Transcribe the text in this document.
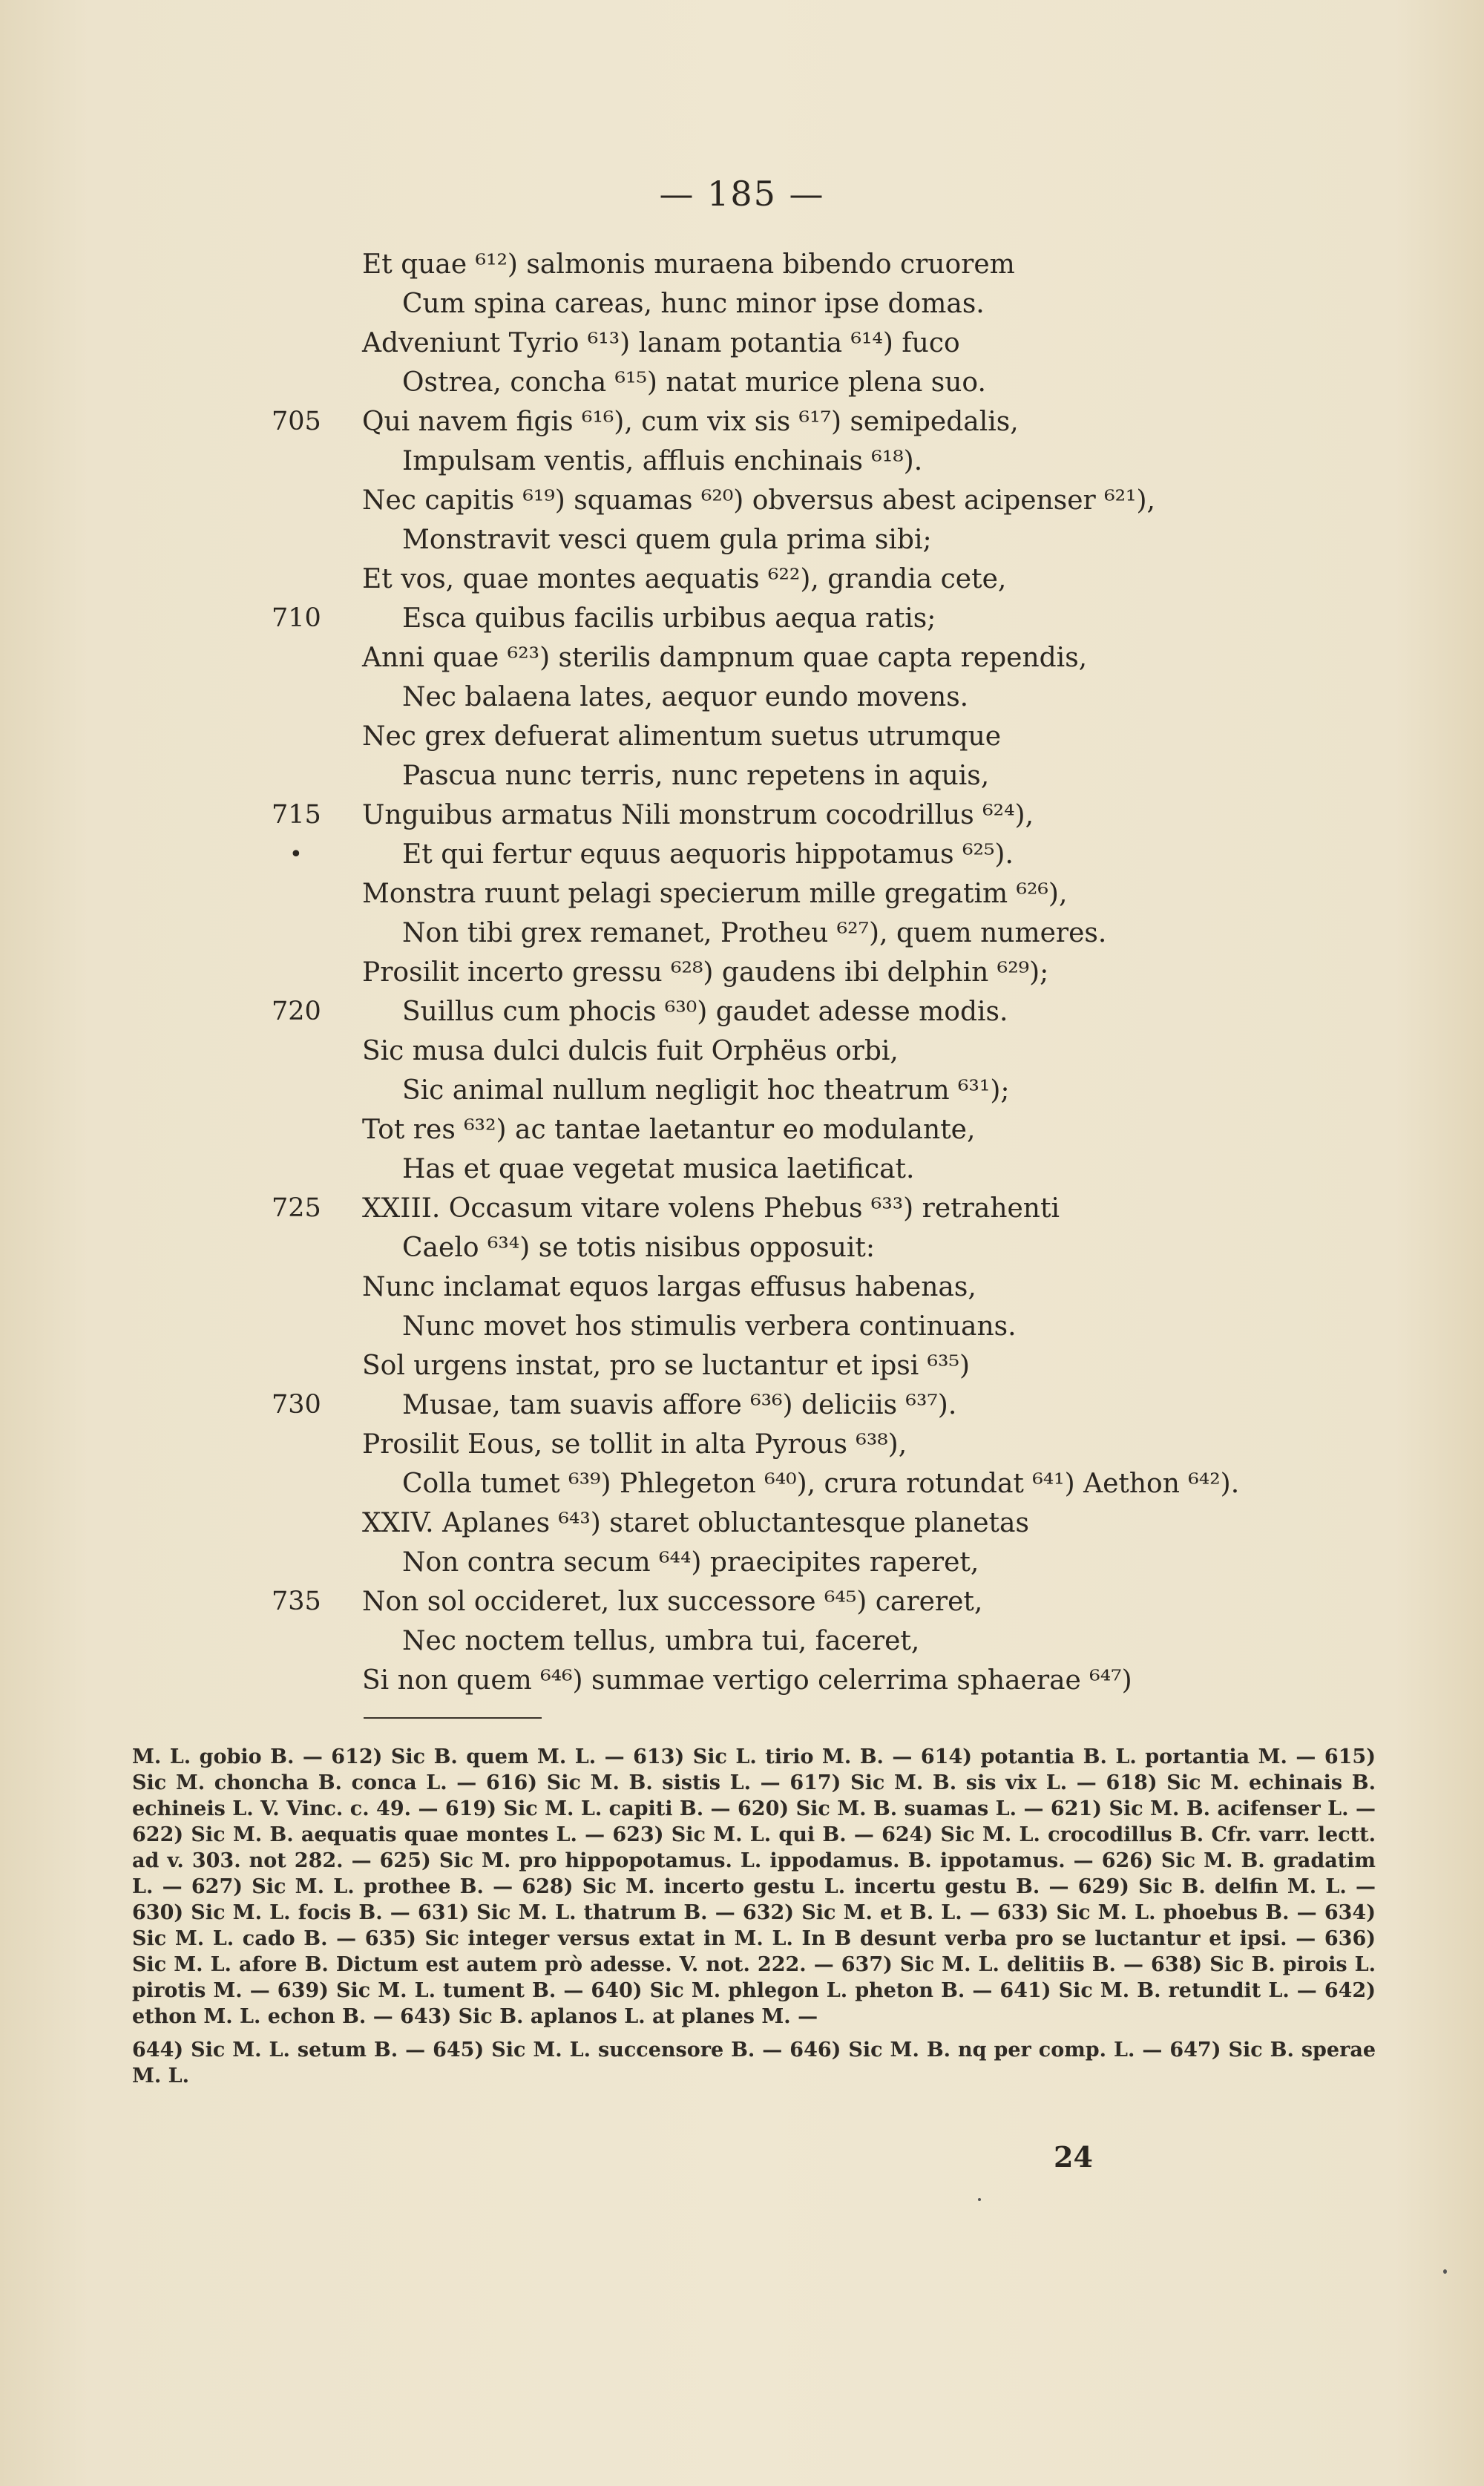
— 185 —
Et quae ⁶¹²) salmonis muraena bibendo cruorem
Cum spina careas, hunc minor ipse domas.
Adveniunt Tyrio ⁶¹³) lanam potantia ⁶¹⁴) fuco
Ostrea, concha ⁶¹⁵) natat murice plena suo.
705 Qui navem figis ⁶¹⁶), cum vix sis ⁶¹⁷) semipedalis,
Impulsam ventis, affluis enchinais ⁶¹⁸).
Nec capitis ⁶¹⁹) squamas ⁶²⁰) obversus abest acipenser ⁶²¹),
Monstravit vesci quem gula prima sibi;
Et vos, quae montes aequatis ⁶²²), grandia cete,
710	Esca quibus facilis urbibus aequa ratis;
Anni quae ⁶²³) sterilis dampnum quae capta rependis,
Nec balaena lates, aequor eundo movens.
Nec grex defuerat alimentum suetus utrumque
Pascua nunc terris, nunc repetens in aquis,
715 Unguibus armatus Nili monstrum cocodrillus ⁶²⁴),
•	Et qui fertur equus aequoris hippotamus ⁶²⁵).
Monstra ruunt pelagi specierum mille gregatim ⁶²⁶),
Non tibi grex remanet, Protheu ⁶²⁷), quem numeres.
Prosilit incerto gressu ⁶²⁸) gaudens ibi delphin ⁶²⁹);
720	Suillus cum phocis ⁶³⁰) gaudet adesse modis.
Sic musa dulci dulcis fuit Orphëus orbi,
Sic animal nullum negligit hoc theatrum ⁶³¹);
Tot res ⁶³²) ac tantae laetantur eo modulante,
Has et quae vegetat musica laetificat.
725 XXIII. Occasum vitare volens Phebus ⁶³³) retrahenti
Caelo ⁶³⁴) se totis nisibus opposuit:
Nunc inclamat equos largas effusus habenas,
Nunc movet hos stimulis verbera continuans.
Sol urgens instat, pro se luctantur et ipsi ⁶³⁵)
730	Musae, tam suavis affore ⁶³⁶) deliciis ⁶³⁷).
Prosilit Eous, se tollit in alta Pyrous ⁶³⁸),
Colla tumet ⁶³⁹) Phlegeton ⁶⁴⁰), crura rotundat ⁶⁴¹) Aethon ⁶⁴²).
XXIV. Aplanes ⁶⁴³) staret obluctantesque planetas
Non contra secum ⁶⁴⁴) praecipites raperet,
735 Non sol occideret, lux successore ⁶⁴⁵) careret,
Nec noctem tellus, umbra tui, faceret,
Si non quem ⁶⁴⁶) summae vertigo celerrima sphaerae ⁶⁴⁷)

M. L. gobio B. — 612) Sic B. quem M. L. — 613) Sic L. tirio M. B. — 614) potantia B. L. portantia M. — 615) Sic M. choncha B. conca L. — 616) Sic M. B. sistis L. — 617) Sic M. B. sis vix L. — 618) Sic M. echinais B. echineis L. V. Vinc. c. 49. — 619) Sic M. L. capiti B. — 620) Sic M. B. suamas L. — 621) Sic M. B. acifenser L. — 622) Sic M. B. aequatis quae montes L. — 623) Sic M. L. qui B. — 624) Sic M. L. crocodillus B. Cfr. varr. lectt. ad v. 303. not 282. — 625) Sic M. pro hippopotamus. L. ippodamus. B. ippotamus. — 626) Sic M. B. gradatim L. — 627) Sic M. L. prothee B. — 628) Sic M. incerto gestu L. incertu gestu B. — 629) Sic B. delfin M. L. — 630) Sic M. L. focis B. — 631) Sic M. L. thatrum B. — 632) Sic M. et B. L. — 633) Sic M. L. phoebus B. — 634) Sic M. L. cado B. — 635) Sic integer versus extat in M. L. In B desunt verba pro se luctantur et ipsi. — 636) Sic M. L. afore B. Dictum est autem prò adesse. V. not. 222. — 637) Sic M. L. delitiis B. — 638) Sic B. pirois L. pirotis M. — 639) Sic M. L. tument B. — 640) Sic M. phlegon L. pheton B. — 641) Sic M. B. retundit L. — 642) ethon M. L. echon B. — 643) Sic B. aplanos L. at planes M. —

644) Sic M. L. setum B. — 645) Sic M. L. succensore B. — 646) Sic M. B. nq per comp. L. — 647) Sic B. sperae M. L.

24
